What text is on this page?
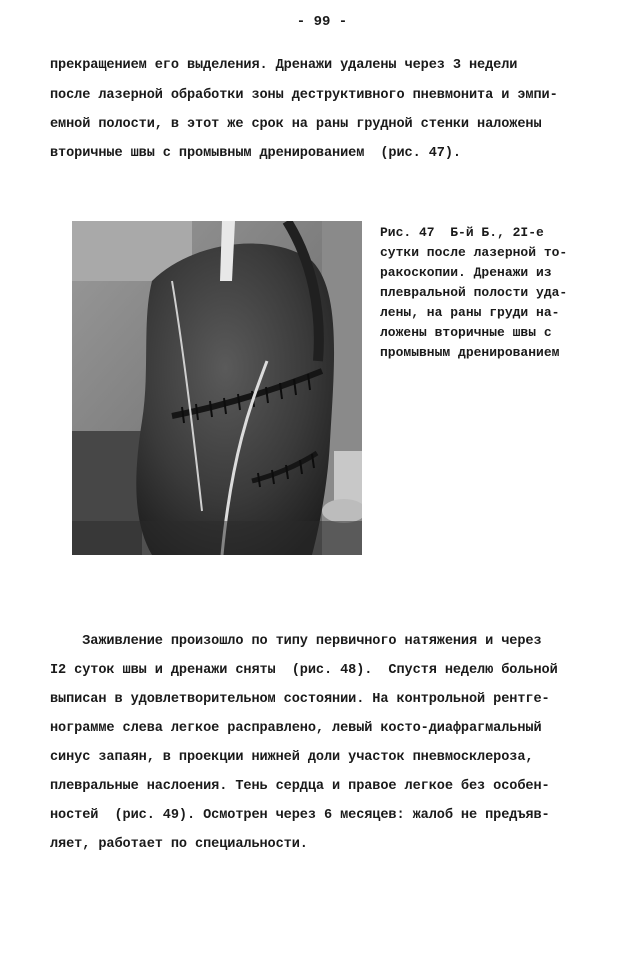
- 99 -
прекращением его выделения. Дренажи удалены через 3 недели
после лазерной обработки зоны деструктивного пневмонита и эмпи-
емной полости, в этот же срок на раны грудной стенки наложены
вторичные швы с промывным дренированием  (рис. 47).
Рис. 47  Б-й Б., 2I-е
сутки после лазерной то-
ракоскопии. Дренажи из
плевральной полости уда-
лены, на раны груди на-
ложены вторичные швы с
промывным дренированием
Заживление произошло по типу первичного натяжения и через
I2 суток швы и дренажи сняты  (рис. 48).  Спустя неделю больной
выписан в удовлетворительном состоянии. На контрольной рентге-
нограмме слева легкое расправлено, левый косто-диафрагмальный
синус запаян, в проекции нижней доли участок пневмосклероза,
плевральные наслоения. Тень сердца и правое легкое без особен-
ностей  (рис. 49). Осмотрен через 6 месяцев: жалоб не предъяв-
ляет, работает по специальности.
